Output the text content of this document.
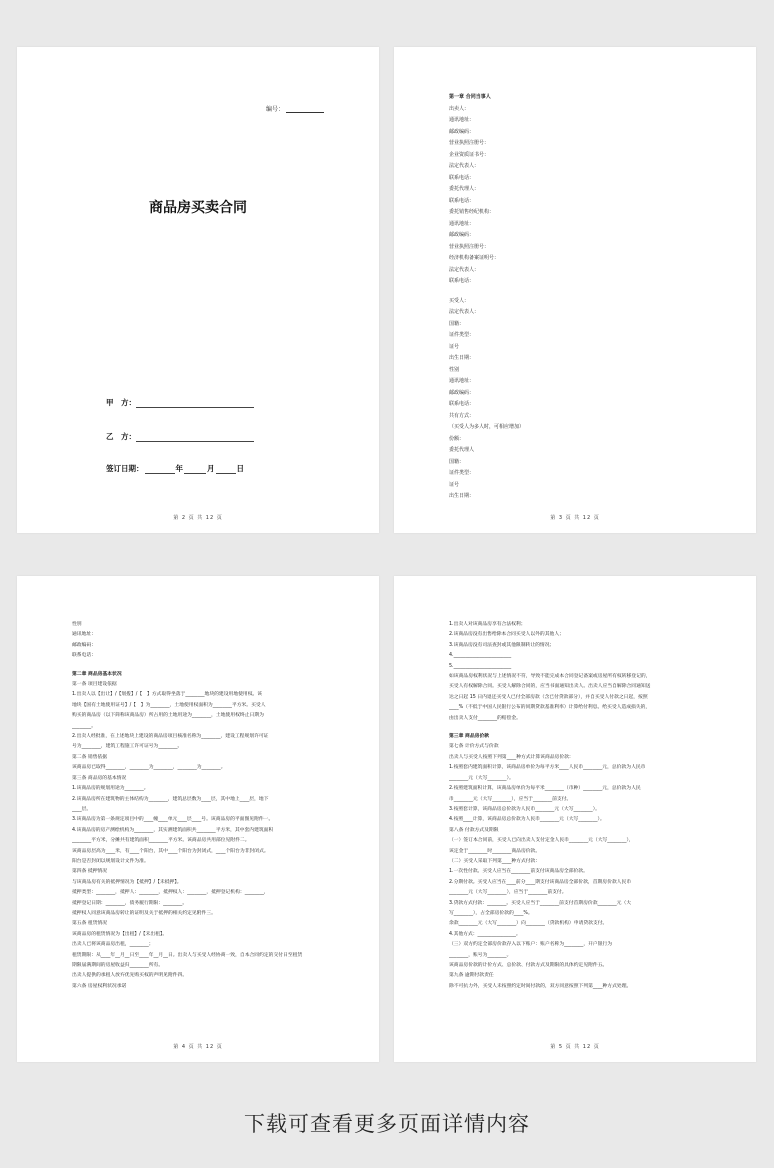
编号：
商品房买卖合同
甲　方：
乙　方：
签订日期：	年	月	日
第 2 页 共 12 页
第一章 合同当事人
出卖人：
通讯地址：
邮政编码：
营业执照注册号：
企业资质证书号：
法定代表人：
联系电话：
委托代理人：
联系电话：
委托销售经纪机构：
通讯地址：
邮政编码：
营业执照注册号：
经济机构备案证明号：
法定代表人：
联系电话：
买受人：
法定代表人：
国籍：
证件类型：
证号
出生日期：
性别
通讯地址：
邮政编码：
联系电话：
共有方式：
（买受人为多人时，可相应增加）
份额：
委托代理人
国籍：
证件类型：
证号
出生日期：
第 3 页 共 12 页
性别
通讯地址：
邮政编码：
联系电话：
第二章 商品房基本状况
第一条 项目建设依据
1.出卖人以【出让】/【划拨】/【　】方式取得坐落于________地块的建设用地使用权。该
地块【国有土地使用证号】/【　】为________，土地使用权面积为________平方米。买受人
购买的商品房（以下简称该商品房）所占用的土地用途为________，土地使用权终止日期为
________。
2.出卖人经批准，在上述地块上建设的商品房项目核准名称为________，建设工程规划许可证
号为________，建筑工程施工许可证号为________。
第二条 销售依据
该商品房已取得________，________为________，________为________。
第三条 商品房的基本情况
1.该商品房的规划用途为________。
2.该商品房所在建筑物的主体结构为________，建筑总层数为____层，其中地上____层，地下
____层。
3.该商品房为第一条规定项目中的____幢____单元____层____号。该商品房的平面图见附件一。
4.该商品房的房产测绘机构为________，其实测建筑面积共________平方米，其中套内建筑面积
________平方米，分摊共有建筑面积________平方米。该商品房共用部位见附件二。
该商品房层高为____米，有____个阳台，其中____个阳台为封闭式，____个阳台为非封闭式。
阳台是否封闭以规划设计文件为准。
第四条 抵押情况
与该商品房有关的抵押情况为【抵押】/【未抵押】。
抵押类型：________，抵押人：________，抵押权人：________，抵押登记机构：________，
抵押登记日期：________，债务履行期限：________。
抵押权人同意该商品房转让的证明及关于抵押的相关约定见附件三。
第五条 租赁情况
该商品房的租赁情况为【出租】/【未出租】。
出卖人已将该商品房出租，________；
租赁期限：从____年__月__日至____年__月__日。出卖人与买受人经协商一致，自本合同约定的交付日至租赁
期限届满期间的房屋收益归________所有。
出卖人提供的承租人放弃优先购买权的声明见附件四。
第六条 房屋权利状况承诺
第 4 页 共 12 页
1.出卖人对该商品房享有合法权利；
2.该商品房没有出售给除本合同买受人以外的其他人；
3.该商品房没有司法查封或其他限制转让的情况；
4.________________________
5.________________________
如该商品房权利状况与上述情况不符，导致不能完成本合同登记备案或房屋所有权转移登记的，
买受人有权解除合同。买受人解除合同的，应当书面通知出卖人。出卖人应当自解除合同通知送
达之日起 15 日内退还买受人已付全部房款（含已付贷款部分），并自买受人付款之日起，按照
____%（不低于中国人民银行公布的同期贷款基准利率）计算给付利息。给买受人造成损失的，
由出卖人支付________的赔偿金。
第三章 商品房价款
第七条 计价方式与价款
出卖人与买受人按照下列第____种方式计算该商品房价款：
1.按照套内建筑面积计算，该商品房单价为每平方米____人民币________元，总价款为人民币
________元（大写________）。
2.按照建筑面积计算，该商品房单价为每平米________（币种）________元，总价款为人民
币________元（大写________），应当于________前支付。
3.按照套计算，该商品房总价款为人民币________元（大写________）。
4.按照____计算，该商品房总价款为人民币________元（大写________）。
第八条 付款方式及期限
（一）签订本合同前，买受人已向出卖人支付定金人民币________元（大写________），
该定金于________时________商品房价款。
（二）买受人采取下列第____种方式付款：
1.一次性付款。买受人应当在________前支付该商品房全部价款。
2.分期付款。买受人应当在____前分____期支付该商品房全部价款，首期房价款人民币
________元（大写________），应当于________前支付。
3.贷款方式付款：________。买受人应当于________前支付首期房价款________元（大
写________），占全部房价款的____%。
余款________元（大写________）向________（贷款机构）申请贷款支付。
4.其他方式：________________。
（三）双方约定全部房价款存入以下账户：账户名称为________，开户银行为
________，账号为________。
该商品房价款的计价方式、总价款、付款方式及期限的具体约定见附件五。
第九条 逾期付款责任
除不可抗力外，买受人未按照约定时间付款的，双方同意按照下列第____种方式处理。
第 5 页 共 12 页
下载可查看更多页面详情内容
